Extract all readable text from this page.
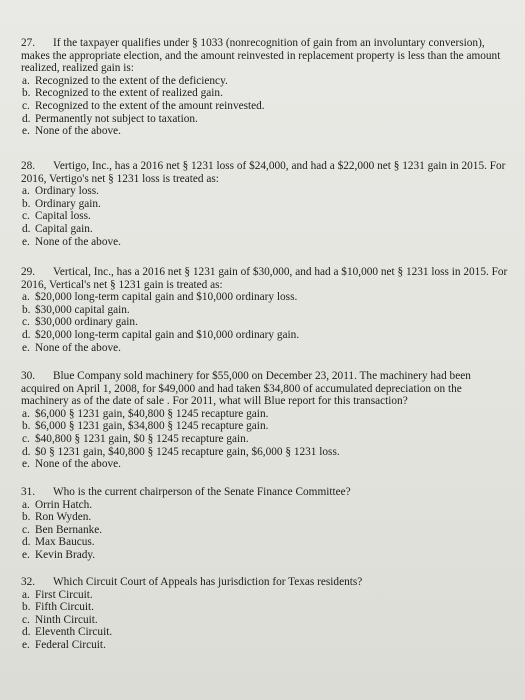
27. If the taxpayer qualifies under § 1033 (nonrecognition of gain from an involuntary conversion), makes the appropriate election, and the amount reinvested in replacement property is less than the amount realized, realized gain is:
a. Recognized to the extent of the deficiency.
b. Recognized to the extent of realized gain.
c. Recognized to the extent of the amount reinvested.
d. Permanently not subject to taxation.
e. None of the above.
28. Vertigo, Inc., has a 2016 net § 1231 loss of $24,000, and had a $22,000 net § 1231 gain in 2015. For 2016, Vertigo's net § 1231 loss is treated as:
a. Ordinary loss.
b. Ordinary gain.
c. Capital loss.
d. Capital gain.
e. None of the above.
29. Vertical, Inc., has a 2016 net § 1231 gain of $30,000, and had a $10,000 net § 1231 loss in 2015. For 2016, Vertical's net § 1231 gain is treated as:
a. $20,000 long-term capital gain and $10,000 ordinary loss.
b. $30,000 capital gain.
c. $30,000 ordinary gain.
d. $20,000 long-term capital gain and $10,000 ordinary gain.
e. None of the above.
30. Blue Company sold machinery for $55,000 on December 23, 2011. The machinery had been acquired on April 1, 2008, for $49,000 and had taken $34,800 of accumulated depreciation on the machinery as of the date of sale . For 2011, what will Blue report for this transaction?
a. $6,000 § 1231 gain, $40,800 § 1245 recapture gain.
b. $6,000 § 1231 gain, $34,800 § 1245 recapture gain.
c. $40,800 § 1231 gain, $0 § 1245 recapture gain.
d. $0 § 1231 gain, $40,800 § 1245 recapture gain, $6,000 § 1231 loss.
e. None of the above.
31. Who is the current chairperson of the Senate Finance Committee?
a. Orrin Hatch.
b. Ron Wyden.
c. Ben Bernanke.
d. Max Baucus.
e. Kevin Brady.
32. Which Circuit Court of Appeals has jurisdiction for Texas residents?
a. First Circuit.
b. Fifth Circuit.
c. Ninth Circuit.
d. Eleventh Circuit.
e. Federal Circuit.
